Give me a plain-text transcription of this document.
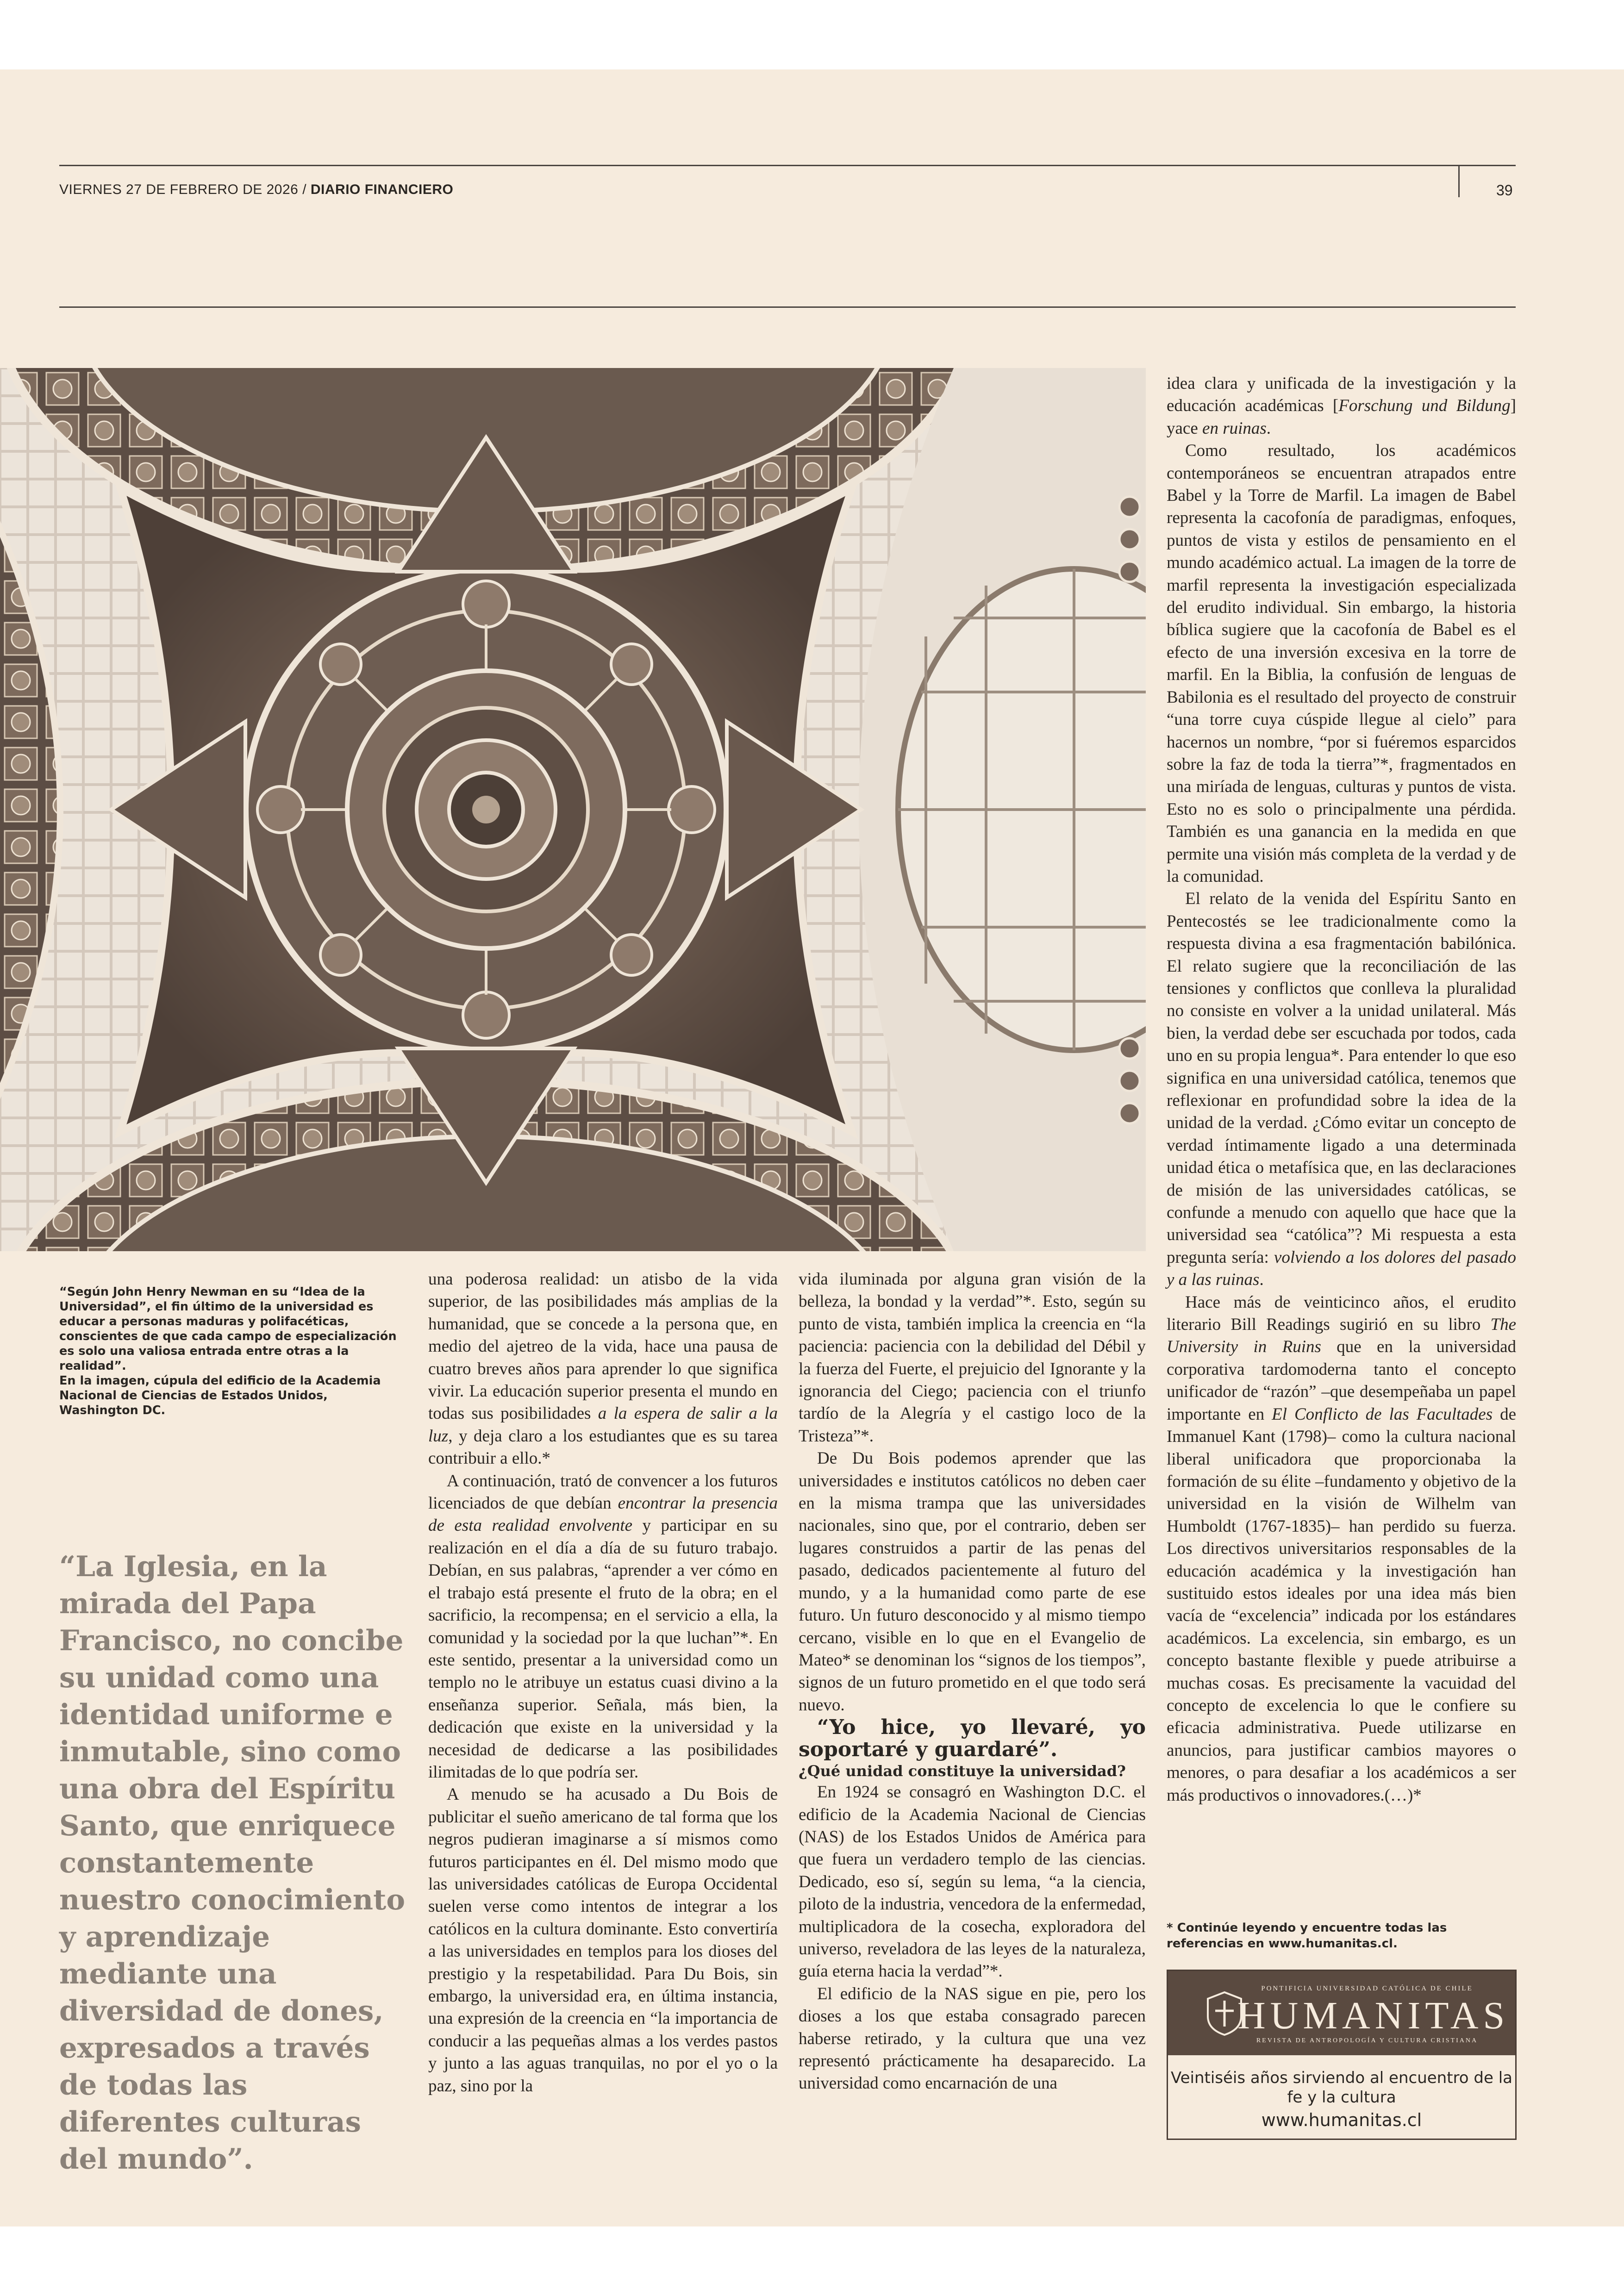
VIERNES 27 DE FEBRERO DE 2026 / DIARIO FINANCIERO	39

“Según John Henry Newman en su “Idea de la Universidad”, el fin último de la universidad es educar a personas maduras y polifacéticas, conscientes de que cada campo de especialización es solo una valiosa entrada entre otras a la realidad”.

En la imagen, cúpula del edificio de la Academia Nacional de Ciencias de Estados Unidos, Washington DC.

“La Iglesia, en la mirada del Papa Francisco, no concibe su unidad como una identidad uniforme e inmutable, sino como una obra del Espíritu Santo, que enriquece constantemente nuestro conocimiento y aprendizaje mediante una diversidad de dones, expresados a través de todas las diferentes culturas del mundo”.

una poderosa realidad: un atisbo de la vida superior, de las posibilidades más amplias de la humanidad, que se concede a la persona que, en medio del ajetreo de la vida, hace una pausa de cuatro breves años para aprender lo que significa vivir. La educación superior presenta el mundo en todas sus posibilidades a la espera de salir a la luz, y deja claro a los estudiantes que es su tarea contribuir a ello.*

A continuación, trató de convencer a los futuros licenciados de que debían encontrar la presencia de esta realidad envolvente y participar en su realización en el día a día de su futuro trabajo. Debían, en sus palabras, “aprender a ver cómo en el trabajo está presente el fruto de la obra; en el sacrificio, la recompensa; en el servicio a ella, la comunidad y la sociedad por la que luchan”*. En este sentido, presentar a la universidad como un templo no le atribuye un estatus cuasi divino a la enseñanza superior. Señala, más bien, la dedicación que existe en la universidad y la necesidad de dedicarse a las posibilidades ilimitadas de lo que podría ser.

A menudo se ha acusado a Du Bois de publicitar el sueño americano de tal forma que los negros pudieran imaginarse a sí mismos como futuros participantes en él. Del mismo modo que las universidades católicas de Europa Occidental suelen verse como intentos de integrar a los católicos en la cultura dominante. Esto convertiría a las universidades en templos para los dioses del prestigio y la respetabilidad. Para Du Bois, sin embargo, la universidad era, en última instancia, una expresión de la creencia en “la importancia de conducir a las pequeñas almas a los verdes pastos y junto a las aguas tranquilas, no por el yo o la paz, sino por la

vida iluminada por alguna gran visión de la belleza, la bondad y la verdad”*. Esto, según su punto de vista, también implica la creencia en “la paciencia: paciencia con la debilidad del Débil y la fuerza del Fuerte, el prejuicio del Ignorante y la ignorancia del Ciego; paciencia con el triunfo tardío de la Alegría y el castigo loco de la Tristeza”*.

De Du Bois podemos aprender que las universidades e institutos católicos no deben caer en la misma trampa que las universidades nacionales, sino que, por el contrario, deben ser lugares construidos a partir de las penas del pasado, dedicados pacientemente al futuro del mundo, y a la humanidad como parte de ese futuro. Un futuro desconocido y al mismo tiempo cercano, visible en lo que en el Evangelio de Mateo* se denominan los “signos de los tiempos”, signos de un futuro prometido en el que todo será nuevo.

“Yo hice, yo llevaré, yo soportaré y guardaré”.

¿Qué unidad constituye la universidad?

En 1924 se consagró en Washington D.C. el edificio de la Academia Nacional de Ciencias (NAS) de los Estados Unidos de América para que fuera un verdadero templo de las ciencias. Dedicado, eso sí, según su lema, “a la ciencia, piloto de la industria, vencedora de la enfermedad, multiplicadora de la cosecha, exploradora del universo, reveladora de las leyes de la naturaleza, guía eterna hacia la verdad”*.

El edificio de la NAS sigue en pie, pero los dioses a los que estaba consagrado parecen haberse retirado, y la cultura que una vez representó prácticamente ha desaparecido. La universidad como encarnación de una

idea clara y unificada de la investigación y la educación académicas [Forschung und Bildung] yace en ruinas.

Como resultado, los académicos contemporáneos se encuentran atrapados entre Babel y la Torre de Marfil. La imagen de Babel representa la cacofonía de paradigmas, enfoques, puntos de vista y estilos de pensamiento en el mundo académico actual. La imagen de la torre de marfil representa la investigación especializada del erudito individual. Sin embargo, la historia bíblica sugiere que la cacofonía de Babel es el efecto de una inversión excesiva en la torre de marfil. En la Biblia, la confusión de lenguas de Babilonia es el resultado del proyecto de construir “una torre cuya cúspide llegue al cielo” para hacernos un nombre, “por si fuéremos esparcidos sobre la faz de toda la tierra”*, fragmentados en una miríada de lenguas, culturas y puntos de vista. Esto no es solo o principalmente una pérdida. También es una ganancia en la medida en que permite una visión más completa de la verdad y de la comunidad.

El relato de la venida del Espíritu Santo en Pentecostés se lee tradicionalmente como la respuesta divina a esa fragmentación babilónica. El relato sugiere que la reconciliación de las tensiones y conflictos que conlleva la pluralidad no consiste en volver a la unidad unilateral. Más bien, la verdad debe ser escuchada por todos, cada uno en su propia lengua*. Para entender lo que eso significa en una universidad católica, tenemos que reflexionar en profundidad sobre la idea de la unidad de la verdad. ¿Cómo evitar un concepto de verdad íntimamente ligado a una determinada unidad ética o metafísica que, en las declaraciones de misión de las universidades católicas, se confunde a menudo con aquello que hace que la universidad sea “católica”? Mi respuesta a esta pregunta sería: volviendo a los dolores del pasado y a las ruinas.

Hace más de veinticinco años, el erudito literario Bill Readings sugirió en su libro The University in Ruins que en la universidad corporativa tardomoderna tanto el concepto unificador de “razón” –que desempeñaba un papel importante en El Conflicto de las Facultades de Immanuel Kant (1798)– como la cultura nacional liberal unificadora que proporcionaba la formación de su élite –fundamento y objetivo de la universidad en la visión de Wilhelm van Humboldt (1767-1835)– han perdido su fuerza. Los directivos universitarios responsables de la educación académica y la investigación han sustituido estos ideales por una idea más bien vacía de “excelencia” indicada por los estándares académicos. La excelencia, sin embargo, es un concepto bastante flexible y puede atribuirse a muchas cosas. Es precisamente la vacuidad del concepto de excelencia lo que le confiere su eficacia administrativa. Puede utilizarse en anuncios, para justificar cambios mayores o menores, o para desafiar a los académicos a ser más productivos o innovadores.(…)*

* Continúe leyendo y encuentre todas las referencias en www.humanitas.cl.
PONTIFICIA UNIVERSIDAD CATÓLICA DE CHILE
HUMANITAS
REVISTA DE ANTROPOLOGÍA Y CULTURA CRISTIANA
Veintiséis años sirviendo al encuentro de la fe y la cultura
www.humanitas.cl
